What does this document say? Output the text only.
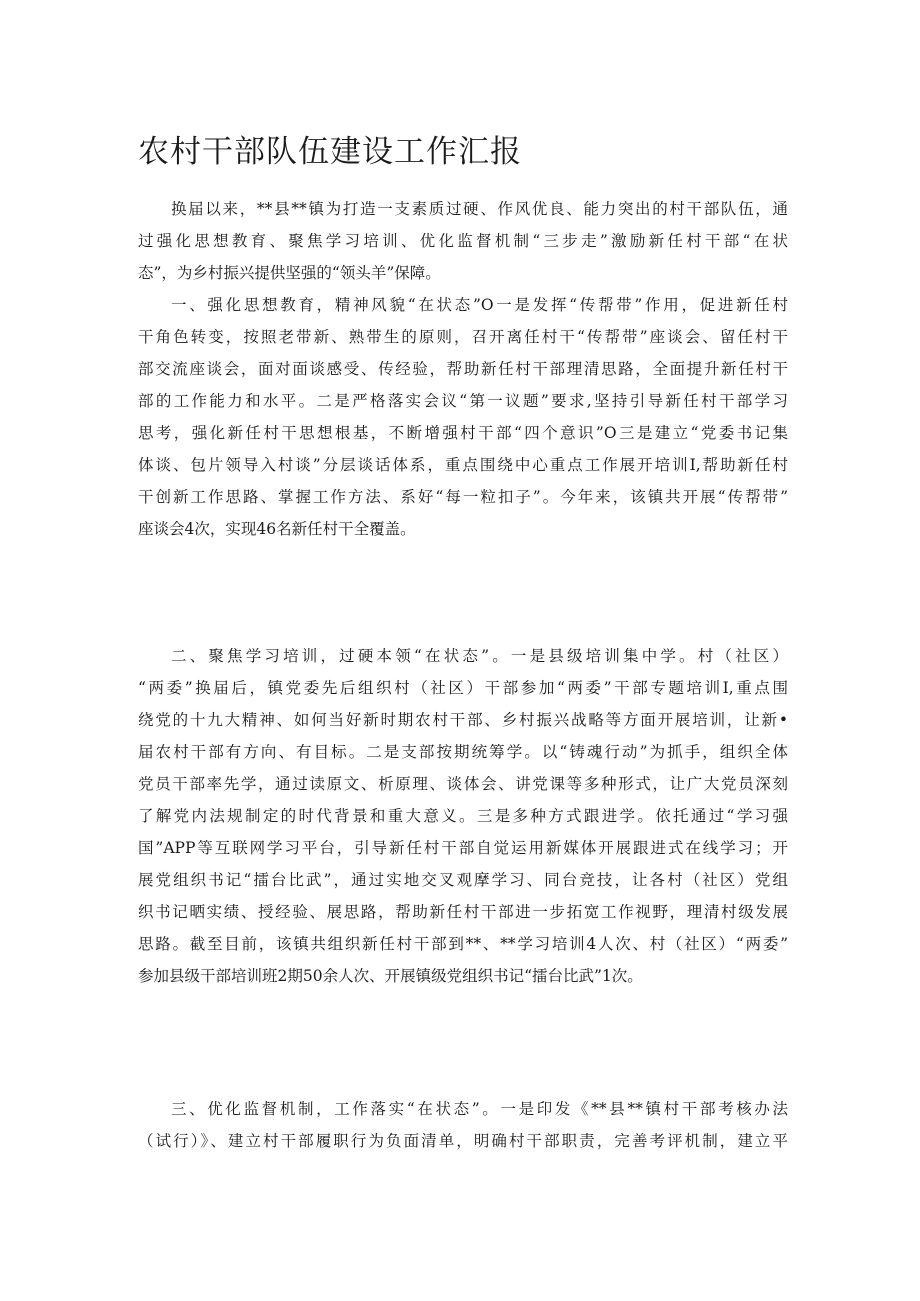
农村干部队伍建设工作汇报
换届以来，**县**镇为打造一支素质过硬、作风优良、能力突出的村干部队伍，通
过强化思想教育、聚焦学习培训、优化监督机制“三步走”激励新任村干部“在状
态”，为乡村振兴提供坚强的“领头羊”保障。
一、强化思想教育，精神风貌“在状态”O一是发挥“传帮带”作用，促进新任村
干角色转变，按照老带新、熟带生的原则，召开离任村干“传帮带”座谈会、留任村干
部交流座谈会，面对面谈感受、传经验，帮助新任村干部理清思路，全面提升新任村干
部的工作能力和水平。二是严格落实会议“第一议题”要求,坚持引导新任村干部学习
思考，强化新任村干思想根基，不断增强村干部“四个意识”O三是建立“党委书记集
体谈、包片领导入村谈”分层谈话体系，重点围绕中心重点工作展开培训I,帮助新任村
干创新工作思路、掌握工作方法、系好“每一粒扣子”。今年来，该镇共开展“传帮带”
座谈会4次，实现46名新任村干全覆盖。
二、聚焦学习培训，过硬本领“在状态”。一是县级培训集中学。村（社区）
“两委”换届后，镇党委先后组织村（社区）干部参加“两委”干部专题培训I,重点围
绕党的十九大精神、如何当好新时期农村干部、乡村振兴战略等方面开展培训，让新•
届农村干部有方向、有目标。二是支部按期统筹学。以“铸魂行动”为抓手，组织全体
党员干部率先学，通过读原文、析原理、谈体会、讲党课等多种形式，让广大党员深刻
了解党内法规制定的时代背景和重大意义。三是多种方式跟进学。依托通过“学习强
国”APP等互联网学习平台，引导新任村干部自觉运用新媒体开展跟进式在线学习；开
展党组织书记“擂台比武”，通过实地交叉观摩学习、同台竞技，让各村（社区）党组
织书记晒实绩、授经验、展思路，帮助新任村干部进一步拓宽工作视野，理清村级发展
思路。截至目前，该镇共组织新任村干部到**、**学习培训4人次、村（社区）“两委”
参加县级干部培训班2期50余人次、开展镇级党组织书记“擂台比武”1次。
三、优化监督机制，工作落实“在状态”。一是印发《**县**镇村干部考核办法
（试行）》、建立村干部履职行为负面清单，明确村干部职责，完善考评机制，建立平
